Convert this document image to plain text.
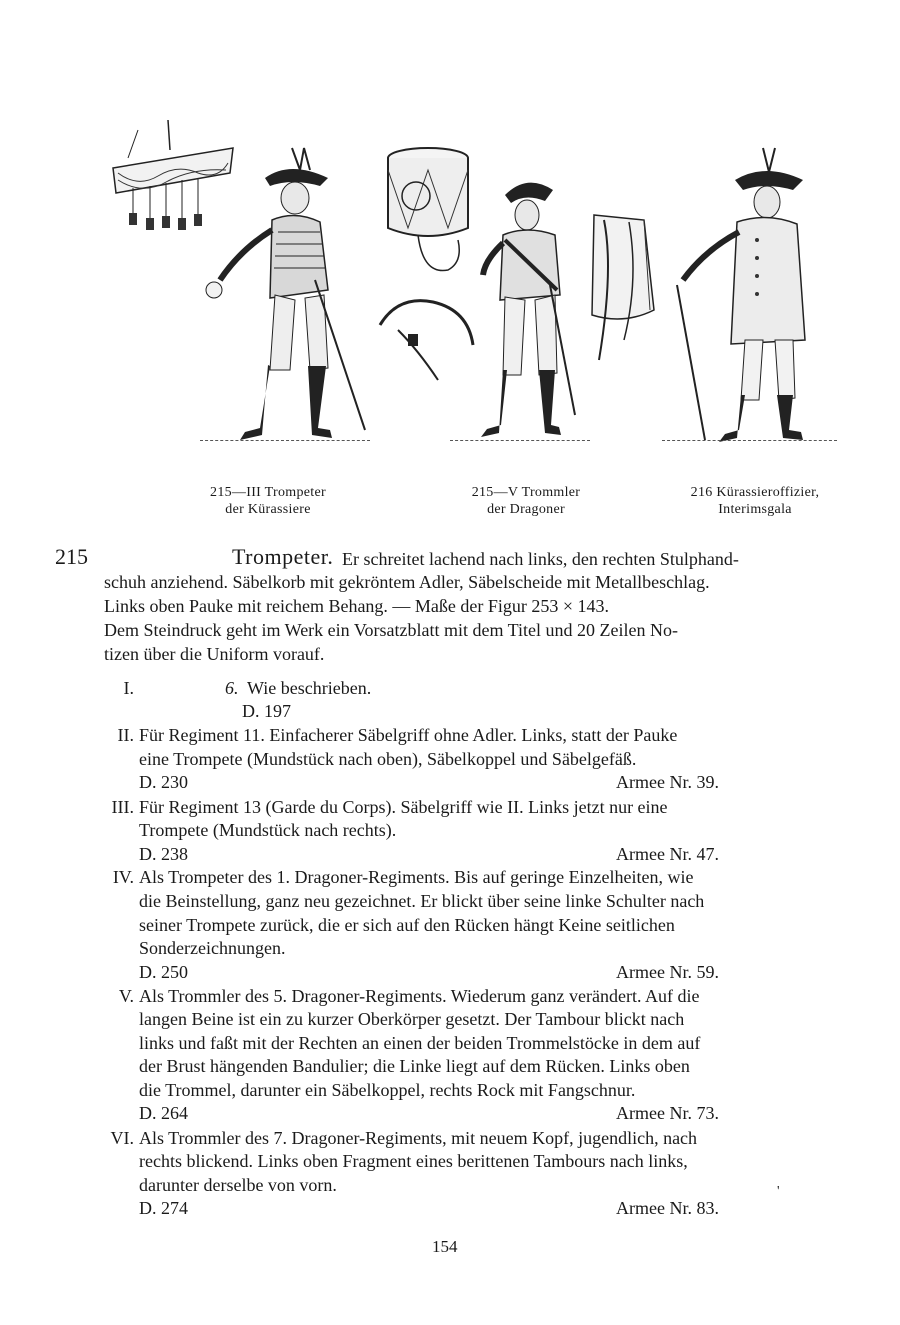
215—III Trompeter
der Kürassiere
215—V Trommler
der Dragoner
216 Kürassieroffizier,
Interimsgala
215	Trompeter. Er schreitet lachend nach links, den rechten Stulphand-
schuh anziehend. Säbelkorb mit gekröntem Adler, Säbelscheide mit Metallbeschlag.
Links oben Pauke mit reichem Behang. — Maße der Figur 253 × 143.
Dem Steindruck geht im Werk ein Vorsatzblatt mit dem Titel und 20 Zeilen No-
tizen über die Uniform vorauf.
I.	6. Wie beschrieben.
D. 197
II. Für Regiment 11. Einfacherer Säbelgriff ohne Adler. Links, statt der Pauke
eine Trompete (Mundstück nach oben), Säbelkoppel und Säbelgefäß.
D. 230	Armee Nr. 39.
III. Für Regiment 13 (Garde du Corps). Säbelgriff wie II. Links jetzt nur eine
Trompete (Mundstück nach rechts).
D. 238	Armee Nr. 47.
IV. Als Trompeter des 1. Dragoner-Regiments. Bis auf geringe Einzelheiten, wie
die Beinstellung, ganz neu gezeichnet. Er blickt über seine linke Schulter nach
seiner Trompete zurück, die er sich auf den Rücken hängt Keine seitlichen
Sonderzeichnungen.
D. 250	Armee Nr. 59.
V. Als Trommler des 5. Dragoner-Regiments. Wiederum ganz verändert. Auf die
langen Beine ist ein zu kurzer Oberkörper gesetzt. Der Tambour blickt nach
links und faßt mit der Rechten an einen der beiden Trommelstöcke in dem auf
der Brust hängenden Bandulier; die Linke liegt auf dem Rücken. Links oben
die Trommel, darunter ein Säbelkoppel, rechts Rock mit Fangschnur.
D. 264	Armee Nr. 73.
VI. Als Trommler des 7. Dragoner-Regiments, mit neuem Kopf, jugendlich, nach
rechts blickend. Links oben Fragment eines berittenen Tambours nach links,
darunter derselbe von vorn.
D. 274	Armee Nr. 83.
'
154
